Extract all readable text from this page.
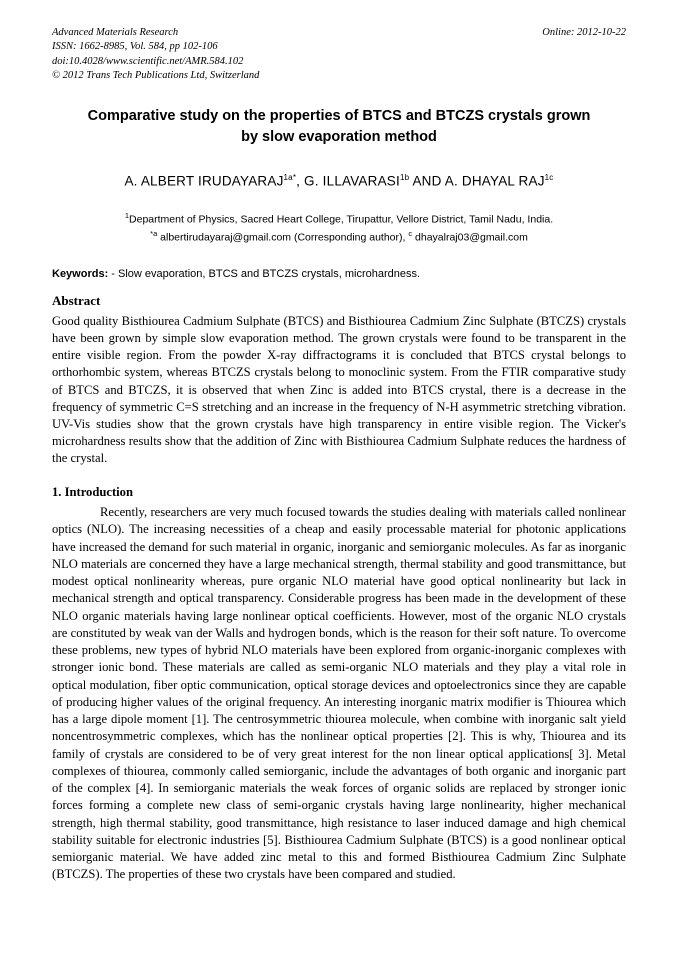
Advanced Materials Research
ISSN: 1662-8985, Vol. 584, pp 102-106
doi:10.4028/www.scientific.net/AMR.584.102
© 2012 Trans Tech Publications Ltd, Switzerland
Online: 2012-10-22
Comparative study on the properties of BTCS and BTCZS crystals grown by slow evaporation method
A. ALBERT $IRUDAYARAJ^{1a*}$, G. $ILLAVARASI^{1b}$ AND A. DHAYAL $RAJ^{1c}$
$^1$Department of Physics, Sacred Heart College, Tirupattur, Vellore District, Tamil Nadu, India.
$^{*a}$ albertirudayaraj@gmail.com (Corresponding author), $^c$ dhayalraj03@gmail.com
Keywords: - Slow evaporation, BTCS and BTCZS crystals, microhardness.
Abstract
Good quality Bisthiourea Cadmium Sulphate (BTCS) and Bisthiourea Cadmium Zinc Sulphate (BTCZS) crystals have been grown by simple slow evaporation method. The grown crystals were found to be transparent in the entire visible region. From the powder X-ray diffractograms it is concluded that BTCS crystal belongs to orthorhombic system, whereas BTCZS crystals belong to monoclinic system. From the FTIR comparative study of BTCS and BTCZS, it is observed that when Zinc is added into BTCS crystal, there is a decrease in the frequency of symmetric C=S stretching and an increase in the frequency of N-H asymmetric stretching vibration. UV-Vis studies show that the grown crystals have high transparency in entire visible region. The Vicker's microhardness results show that the addition of Zinc with Bisthiourea Cadmium Sulphate reduces the hardness of the crystal.
1. Introduction
Recently, researchers are very much focused towards the studies dealing with materials called nonlinear optics (NLO). The increasing necessities of a cheap and easily processable material for photonic applications have increased the demand for such material in organic, inorganic and semiorganic molecules. As far as inorganic NLO materials are concerned they have a large mechanical strength, thermal stability and good transmittance, but modest optical nonlinearity whereas, pure organic NLO material have good optical nonlinearity but lack in mechanical strength and optical transparency. Considerable progress has been made in the development of these NLO organic materials having large nonlinear optical coefficients. However, most of the organic NLO crystals are constituted by weak van der Walls and hydrogen bonds, which is the reason for their soft nature. To overcome these problems, new types of hybrid NLO materials have been explored from organic-inorganic complexes with stronger ionic bond. These materials are called as semi-organic NLO materials and they play a vital role in optical modulation, fiber optic communication, optical storage devices and optoelectronics since they are capable of producing higher values of the original frequency. An interesting inorganic matrix modifier is Thiourea which has a large dipole moment [1]. The centrosymmetric thiourea molecule, when combine with inorganic salt yield noncentrosymmetric complexes, which has the nonlinear optical properties [2]. This is why, Thiourea and its family of crystals are considered to be of very great interest for the non linear optical applications[ 3]. Metal complexes of thiourea, commonly called semiorganic, include the advantages of both organic and inorganic part of the complex [4]. In semiorganic materials the weak forces of organic solids are replaced by stronger ionic forces forming a complete new class of semi-organic crystals having large nonlinearity, higher mechanical strength, high thermal stability, good transmittance, high resistance to laser induced damage and high chemical stability suitable for electronic industries [5]. Bisthiourea Cadmium Sulphate (BTCS) is a good nonlinear optical semiorganic material. We have added zinc metal to this and formed Bisthiourea Cadmium Zinc Sulphate (BTCZS). The properties of these two crystals have been compared and studied.
